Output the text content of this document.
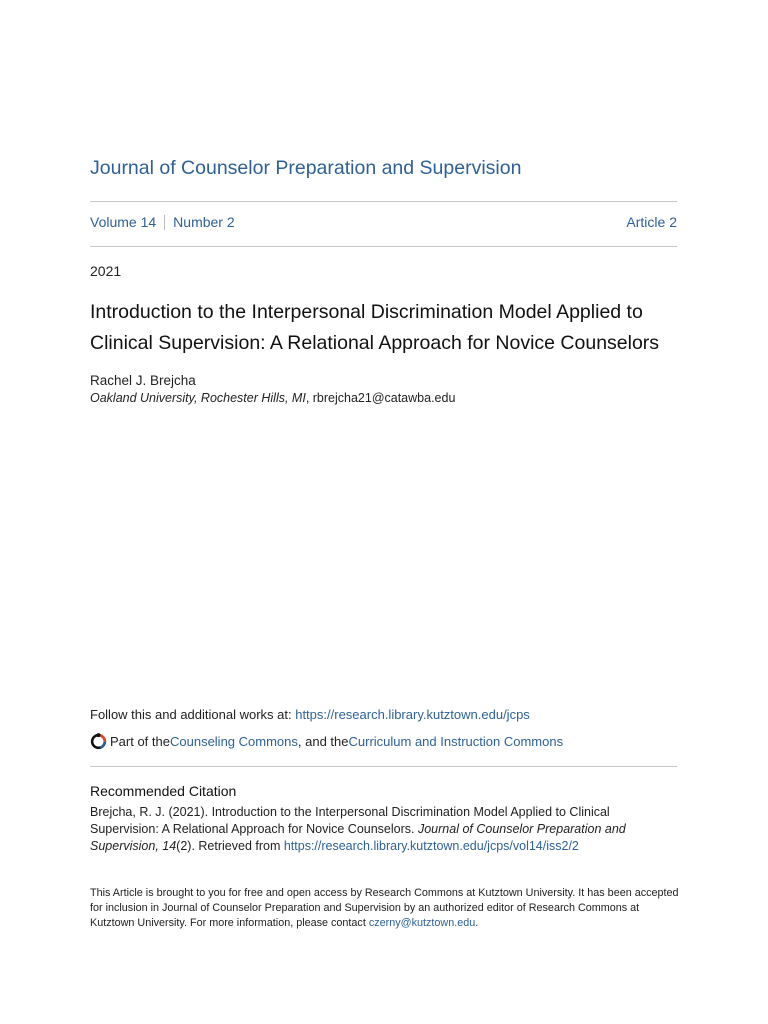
Journal of Counselor Preparation and Supervision
Volume 14 Number 2	Article 2
2021
Introduction to the Interpersonal Discrimination Model Applied to
Clinical Supervision: A Relational Approach for Novice Counselors
Rachel J. Brejcha
Oakland University, Rochester Hills, MI, rbrejcha21@catawba.edu
Follow this and additional works at: https://research.library.kutztown.edu/jcps
Part of the Counseling Commons , and the Curriculum and Instruction Commons
Recommended Citation
Brejcha, R. J. (2021). Introduction to the Interpersonal Discrimination Model Applied to Clinical Supervision: A Relational Approach for Novice Counselors. Journal of Counselor Preparation and Supervision, 14(2). Retrieved from https://research.library.kutztown.edu/jcps/vol14/iss2/2
This Article is brought to you for free and open access by Research Commons at Kutztown University. It has been accepted for inclusion in Journal of Counselor Preparation and Supervision by an authorized editor of Research Commons at Kutztown University. For more information, please contact czerny@kutztown.edu.
